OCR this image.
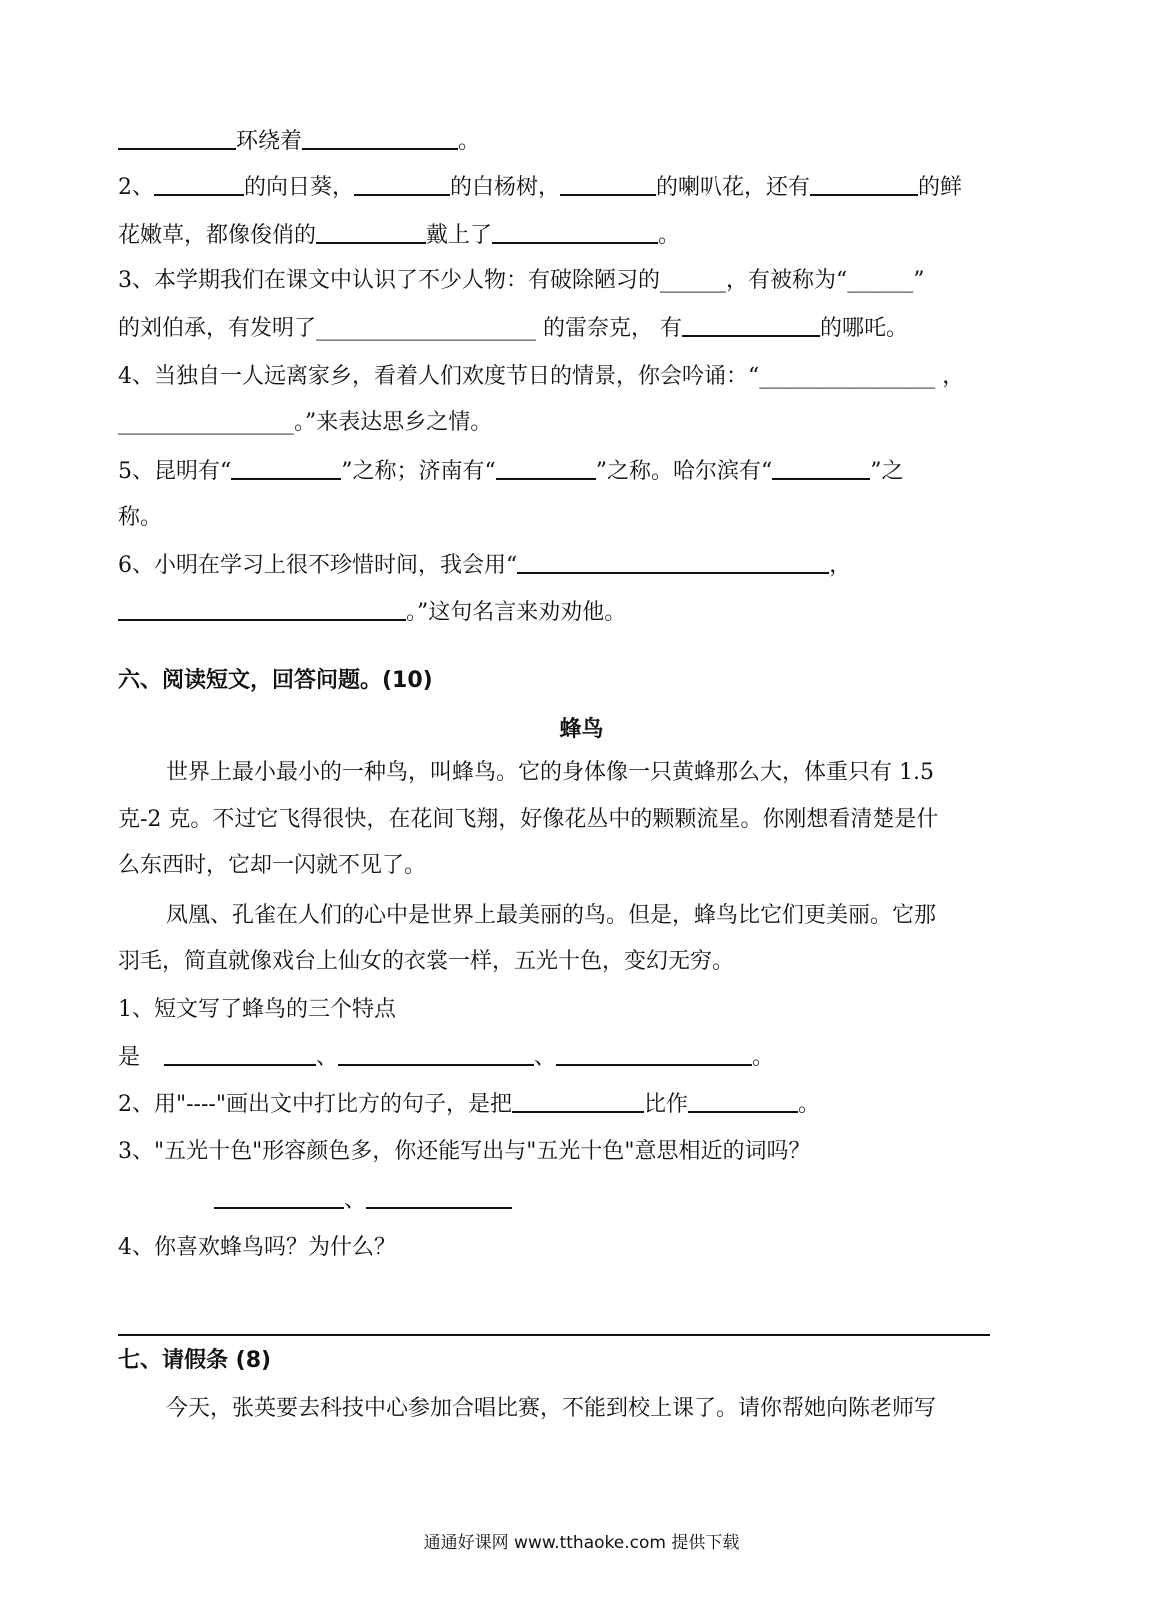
环绕着	。
2、	的向日葵，	的白杨树，	的喇叭花，还有	的鲜
花嫩草，都像俊俏的	戴上了	。
3、本学期我们在课文中认识了不少人物：有破除陋习的______，有被称为“______”
的刘伯承，有发明了____________________ 的雷奈克， 有	的哪吒。
4、当独自一人远离家乡，看着人们欢度节日的情景，你会吟诵：“________________ ，
________________。”来表达思乡之情。
5、昆明有“	”之称；济南有“	”之称。哈尔滨有“	”之
称。
6、小明在学习上很不珍惜时间，我会用“	，
。”这句名言来劝劝他。
六、阅读短文，回答问题。(10)
蜂鸟
世界上最小最小的一种鸟，叫蜂鸟。它的身体像一只黄蜂那么大，体重只有 1.5
克-2 克。不过它飞得很快，在花间飞翔，好像花丛中的颗颗流星。你刚想看清楚是什
么东西时，它却一闪就不见了。
凤凰、孔雀在人们的心中是世界上最美丽的鸟。但是，蜂鸟比它们更美丽。它那
羽毛，简直就像戏台上仙女的衣裳一样，五光十色，变幻无穷。
1、短文写了蜂鸟的三个特点
是	、	、	。
2、用"----"画出文中打比方的句子，是把	比作	。
3、"五光十色"形容颜色多，你还能写出与"五光十色"意思相近的词吗？
、
4、你喜欢蜂鸟吗？为什么？
七、请假条 (8)
今天，张英要去科技中心参加合唱比赛，不能到校上课了。请你帮她向陈老师写
通通好课网 www.tthaoke.com 提供下载
